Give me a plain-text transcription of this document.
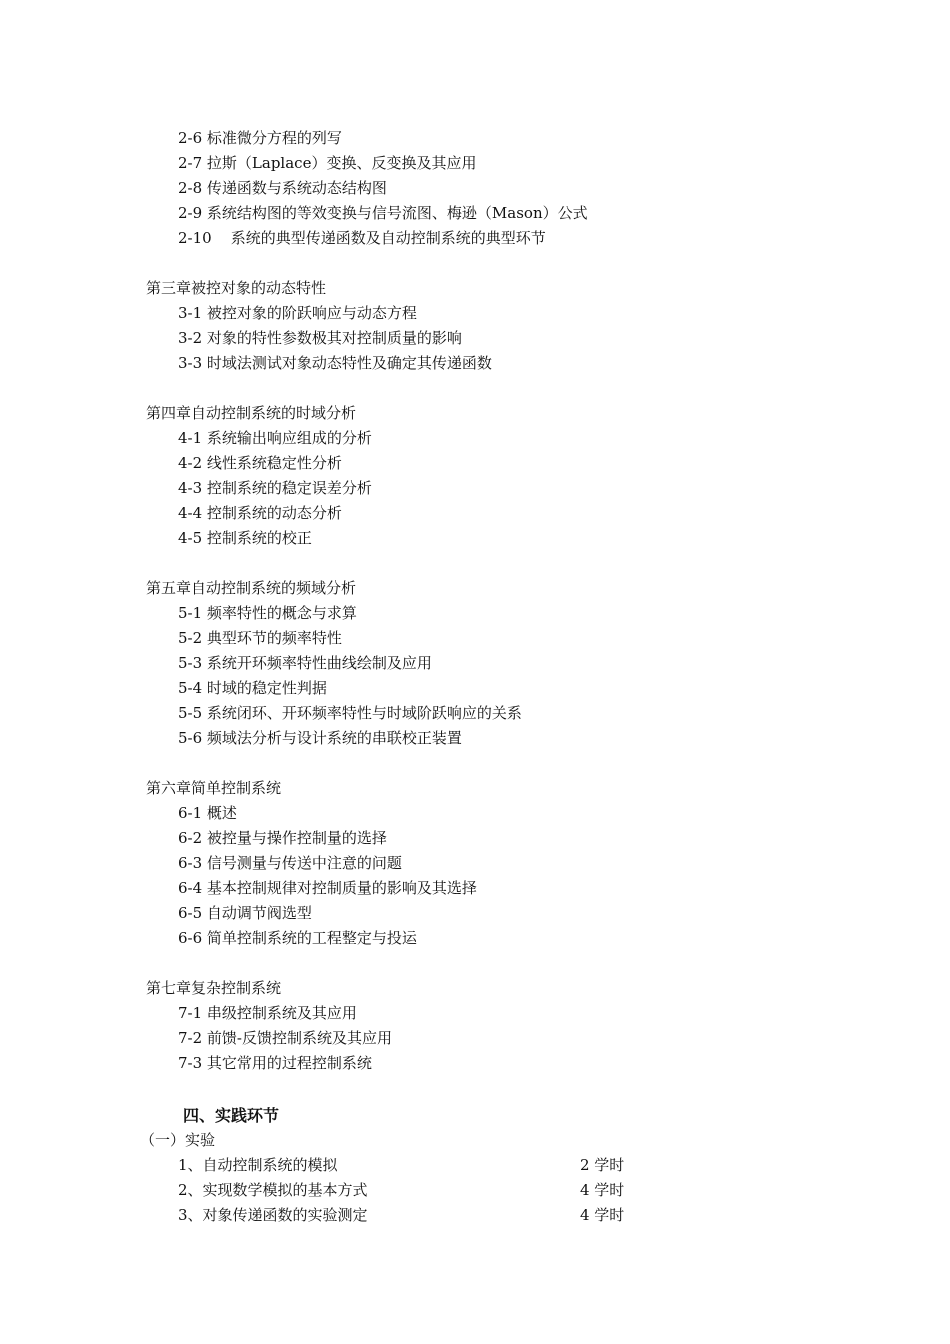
2-6 标准微分方程的列写
2-7 拉斯（Laplace）变换、反变换及其应用
2-8 传递函数与系统动态结构图
2-9 系统结构图的等效变换与信号流图、梅逊（Mason）公式
2-10    系统的典型传递函数及自动控制系统的典型环节
第三章被控对象的动态特性
3-1 被控对象的阶跃响应与动态方程
3-2 对象的特性参数极其对控制质量的影响
3-3 时域法测试对象动态特性及确定其传递函数
第四章自动控制系统的时域分析
4-1 系统输出响应组成的分析
4-2 线性系统稳定性分析
4-3 控制系统的稳定误差分析
4-4 控制系统的动态分析
4-5 控制系统的校正
第五章自动控制系统的频域分析
5-1 频率特性的概念与求算
5-2 典型环节的频率特性
5-3 系统开环频率特性曲线绘制及应用
5-4 时域的稳定性判据
5-5 系统闭环、开环频率特性与时域阶跃响应的关系
5-6 频域法分析与设计系统的串联校正装置
第六章简单控制系统
6-1 概述
6-2 被控量与操作控制量的选择
6-3 信号测量与传送中注意的问题
6-4 基本控制规律对控制质量的影响及其选择
6-5 自动调节阀选型
6-6 简单控制系统的工程整定与投运
第七章复杂控制系统
7-1 串级控制系统及其应用
7-2 前馈-反馈控制系统及其应用
7-3 其它常用的过程控制系统
四、实践环节
（一）实验
1、自动控制系统的模拟	2 学时
2、实现数学模拟的基本方式	4 学时
3、对象传递函数的实验测定	4 学时
